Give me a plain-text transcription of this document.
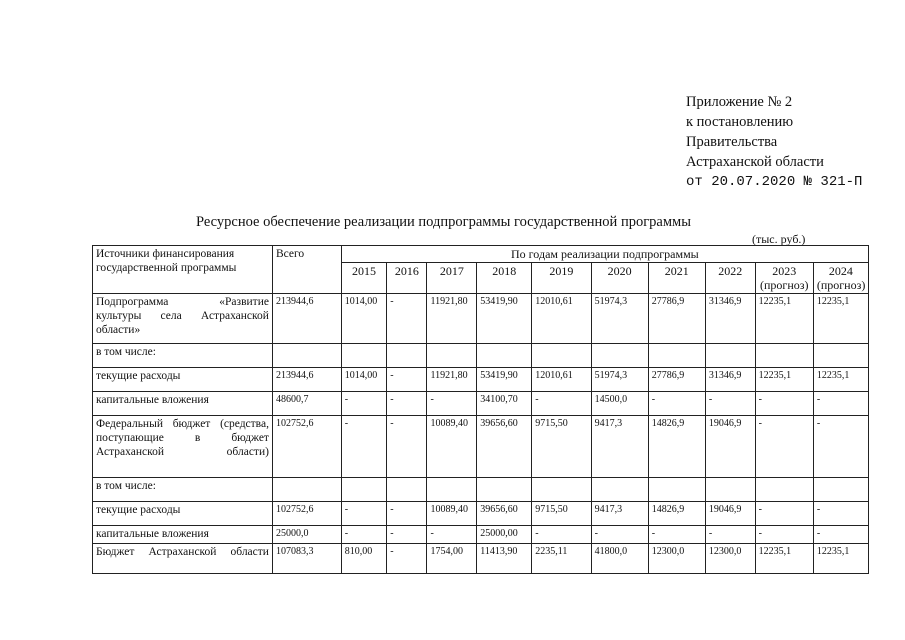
Приложение № 2
к постановлению
Правительства
Астраханской области
от 20.07.2020 № 321-П
Ресурсное обеспечение реализации подпрограммы государственной программы
(тыс. руб.)
Источники финансирования государственной программы	Всего	По годам реализации подпрограммы									
		2015	2016	2017	2018	2019	2020	2021	2022	2023 (прогноз)	2024 (прогноз)
Подпрограмма «Развитие культуры села Астраханской области»	213944,6	1014,00	-	11921,80	53419,90	12010,61	51974,3	27786,9	31346,9	12235,1	12235,1
в том числе:											
текущие расходы	213944,6	1014,00	-	11921,80	53419,90	12010,61	51974,3	27786,9	31346,9	12235,1	12235,1
капитальные вложения	48600,7	-	-	-	34100,70	-	14500,0	-	-	-	-
Федеральный бюджет (средства, поступающие в бюджет Астраханской области)	102752,6	-	-	10089,40	39656,60	9715,50	9417,3	14826,9	19046,9	-	-
в том числе:											
текущие расходы	102752,6	-	-	10089,40	39656,60	9715,50	9417,3	14826,9	19046,9	-	-
капитальные вложения	25000,0	-	-	-	25000,00	-	-	-	-	-	-
Бюджет Астраханской области	107083,3	810,00	-	1754,00	11413,90	2235,11	41800,0	12300,0	12300,0	12235,1	12235,1
